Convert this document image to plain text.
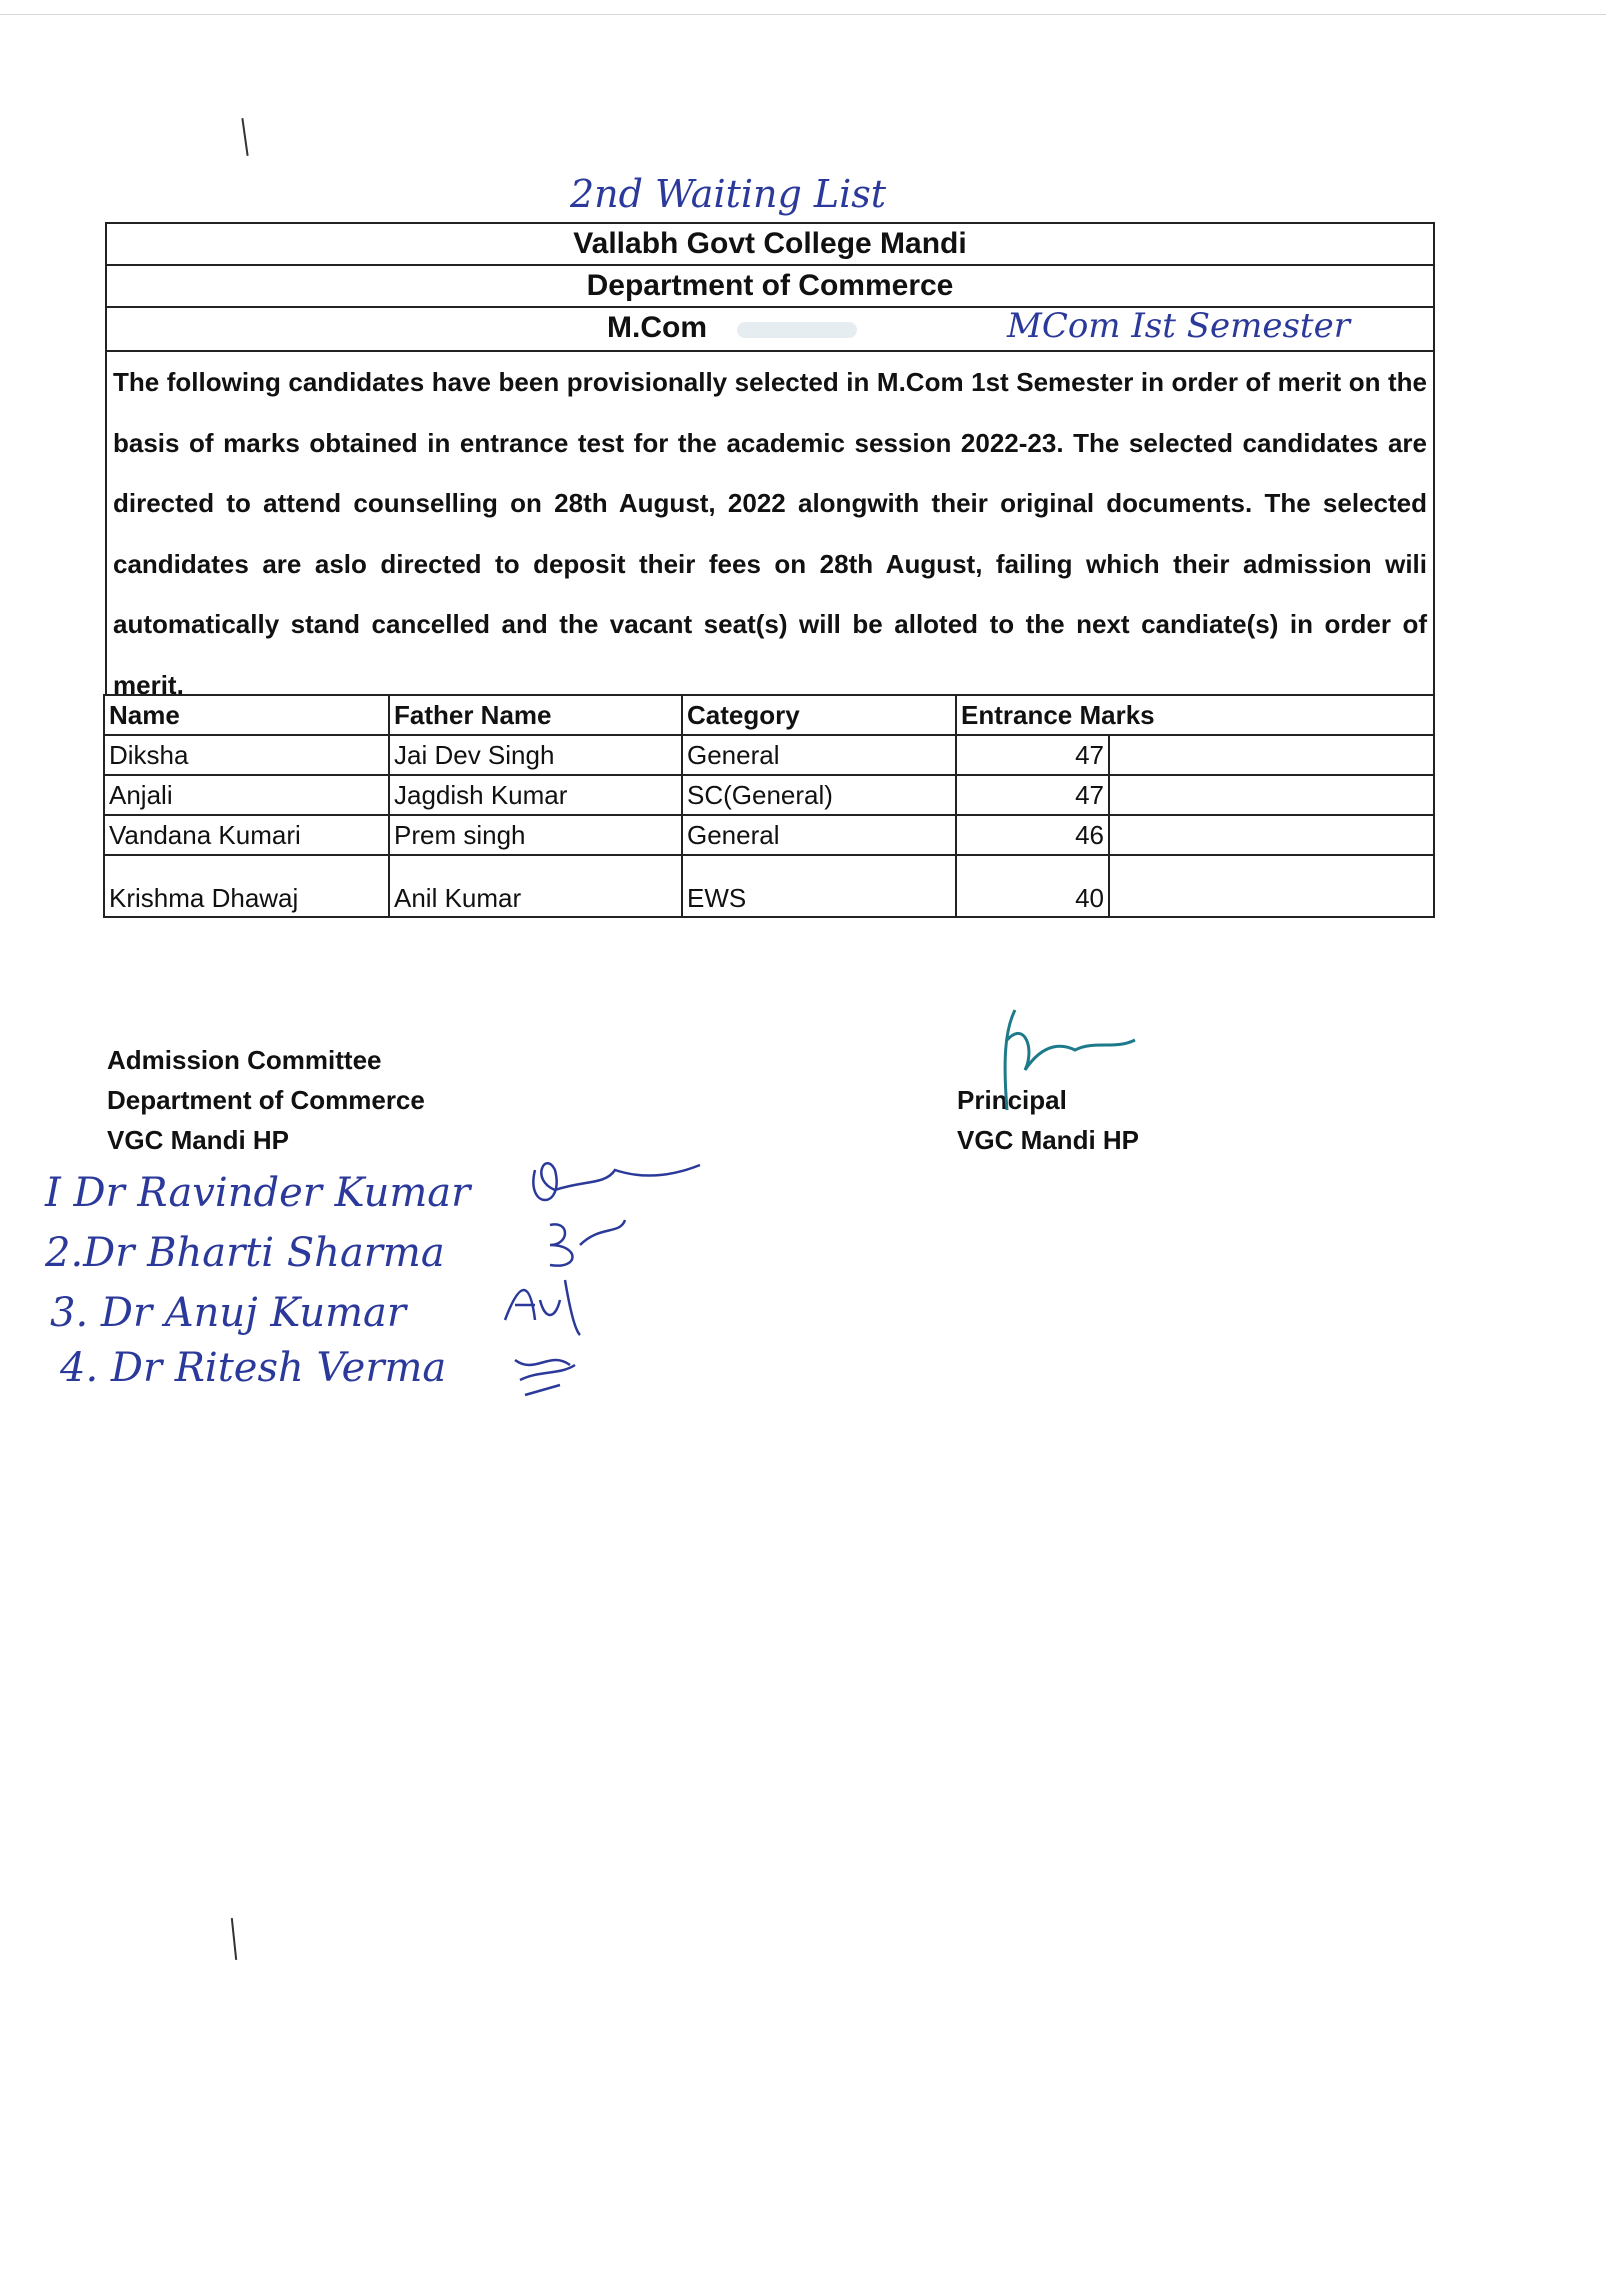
2nd Waiting List
Vallabh Govt College Mandi
Department of Commerce
M.Com	MCom Ist Semester
The following candidates have been provisionally selected in M.Com 1st Semester in order of merit on the basis of marks obtained in entrance test for the academic session 2022-23. The selected candidates are directed to attend counselling on 28th August, 2022 alongwith their original documents. The selected candidates are aslo directed to deposit their fees on 28th August, failing which their admission wili automatically stand cancelled and the vacant seat(s) will be alloted to the next candiate(s) in order of merit.
Name	Father Name	Category	Entrance Marks	
Diksha	Jai Dev Singh	General	47	
Anjali	Jagdish Kumar	SC(General)	47	
Vandana Kumari	Prem singh	General	46	
Krishma Dhawaj	Anil Kumar	EWS	40	
Admission Committee
Department of Commerce
VGC Mandi HP
Principal
VGC Mandi HP
I Dr Ravinder Kumar
2.Dr Bharti Sharma
3. Dr Anuj Kumar
4. Dr Ritesh Verma
